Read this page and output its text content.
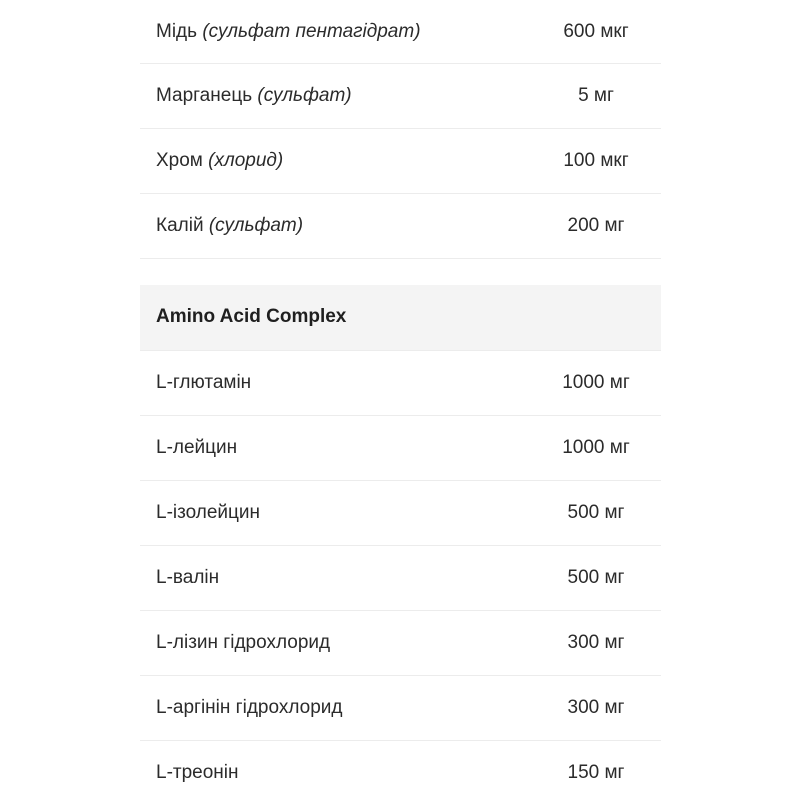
Мідь (сульфат пентагідрат)	600 мкг
Марганець (сульфат)	5 мг
Хром (хлорид)	100 мкг
Калій (сульфат)	200 мг
Amino Acid Complex
L-глютамін	1000 мг
L-лейцин	1000 мг
L-ізолейцин	500 мг
L-валін	500 мг
L-лізин гідрохлорид	300 мг
L-аргінін гідрохлорид	300 мг
L-треонін	150 мг
